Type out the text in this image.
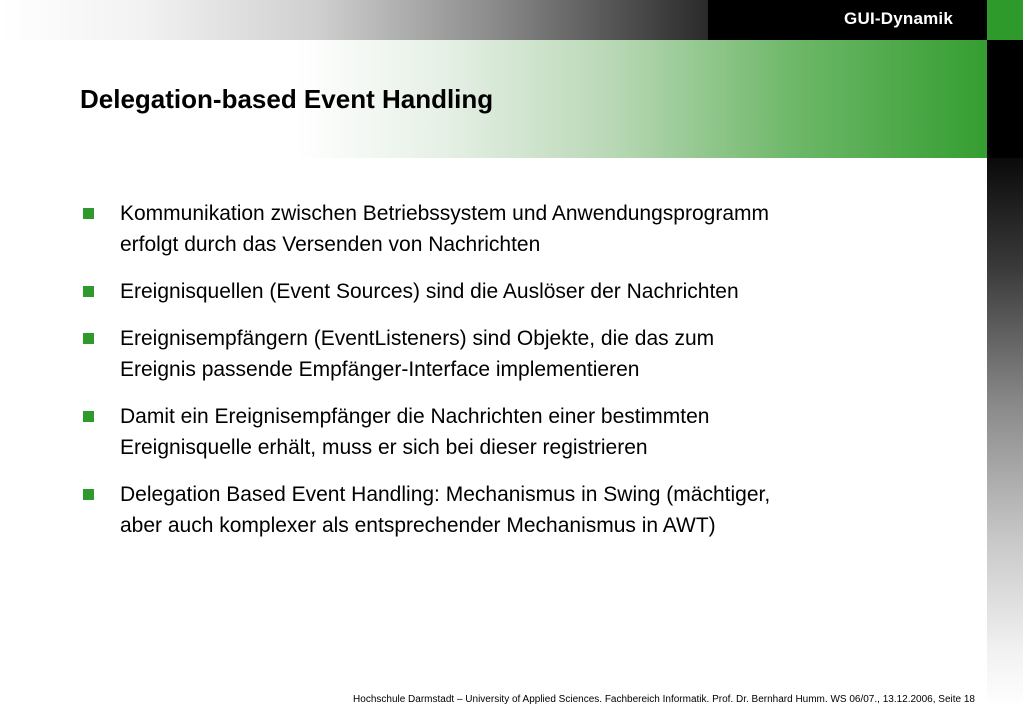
GUI-Dynamik
Delegation-based Event Handling
Kommunikation zwischen Betriebssystem und Anwendungsprogramm
erfolgt durch das Versenden von Nachrichten
Ereignisquellen (Event Sources) sind die Auslöser der Nachrichten
Ereignisempfängern (EventListeners) sind Objekte, die das zum
Ereignis passende Empfänger-Interface implementieren
Damit ein Ereignisempfänger die Nachrichten einer bestimmten
Ereignisquelle erhält, muss er sich bei dieser registrieren
Delegation Based Event Handling: Mechanismus in Swing (mächtiger,
aber auch komplexer als entsprechender Mechanismus in AWT)
Hochschule Darmstadt – University of Applied Sciences. Fachbereich Informatik. Prof. Dr. Bernhard Humm. WS 06/07., 13.12.2006, Seite 18
